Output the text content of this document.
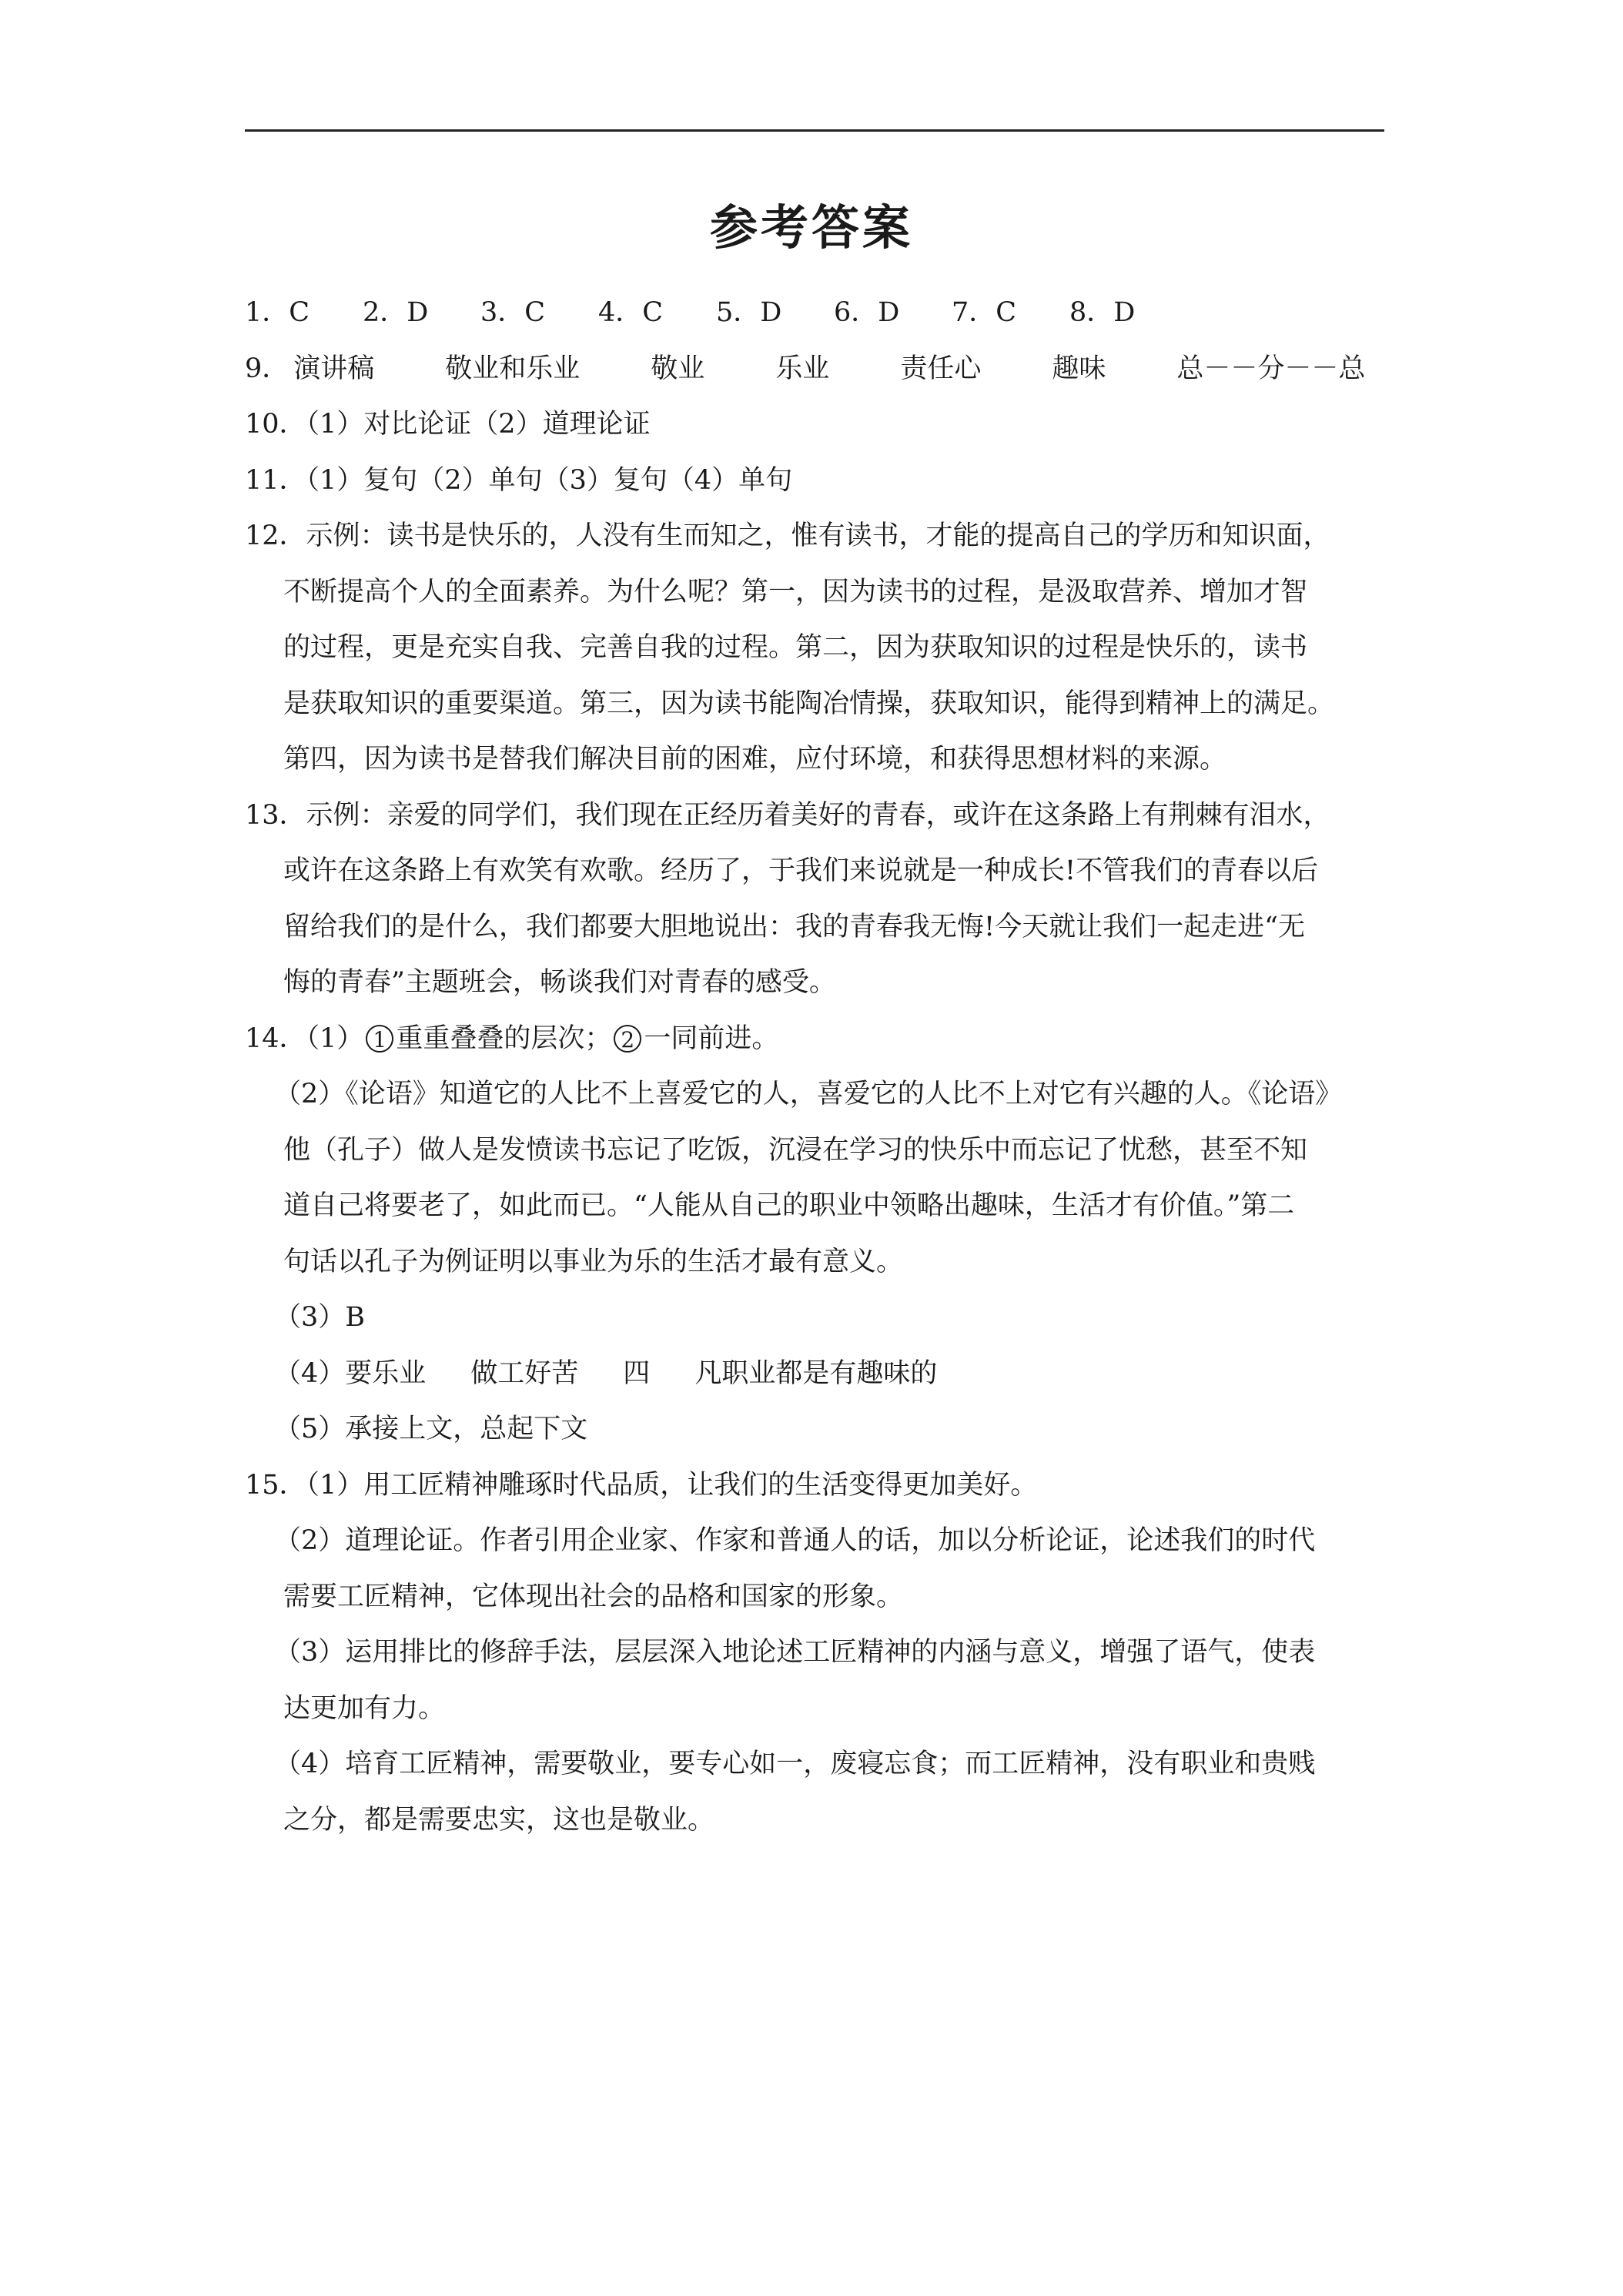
参考答案
1．C	2．D	3．C	4．C	5．D	6．D	7．C	8．D
9． 演讲稿	敬业和乐业	敬业	乐业	责任心	趣味	总－－分－－总
10．（1）对比论证（2）道理论证
11．（1）复句（2）单句（3）复句（4）单句
12．示例：读书是快乐的，人没有生而知之，惟有读书，才能的提高自己的学历和知识面，
不断提高个人的全面素养。为什么呢？第一，因为读书的过程，是汲取营养、增加才智
的过程，更是充实自我、完善自我的过程。第二，因为获取知识的过程是快乐的，读书
是获取知识的重要渠道。第三，因为读书能陶冶情操，获取知识，能得到精神上的满足。
第四，因为读书是替我们解决目前的困难，应付环境，和获得思想材料的来源。
13．示例：亲爱的同学们，我们现在正经历着美好的青春，或许在这条路上有荆棘有泪水，
或许在这条路上有欢笑有欢歌。经历了，于我们来说就是一种成长!不管我们的青春以后
留给我们的是什么，我们都要大胆地说出：我的青春我无悔!今天就让我们一起走进“无
悔的青春”主题班会，畅谈我们对青春的感受。
14．（1） 1 重重叠叠的层次； 2 一同前进。
（2）《论语》知道它的人比不上喜爱它的人，喜爱它的人比不上对它有兴趣的人。《论语》
他（孔子）做人是发愤读书忘记了吃饭，沉浸在学习的快乐中而忘记了忧愁，甚至不知
道自己将要老了，如此而已。“人能从自己的职业中领略出趣味，生活才有价值。”第二
句话以孔子为例证明以事业为乐的生活才最有意义。
（3）B
（4）要乐业 做工好苦 四 凡职业都是有趣味的
（5）承接上文，总起下文
15．（1）用工匠精神雕琢时代品质，让我们的生活变得更加美好。
（2）道理论证。作者引用企业家、作家和普通人的话，加以分析论证，论述我们的时代
需要工匠精神，它体现出社会的品格和国家的形象。
（3）运用排比的修辞手法，层层深入地论述工匠精神的内涵与意义，增强了语气，使表
达更加有力。
（4）培育工匠精神，需要敬业，要专心如一，废寝忘食；而工匠精神，没有职业和贵贱
之分，都是需要忠实，这也是敬业。
